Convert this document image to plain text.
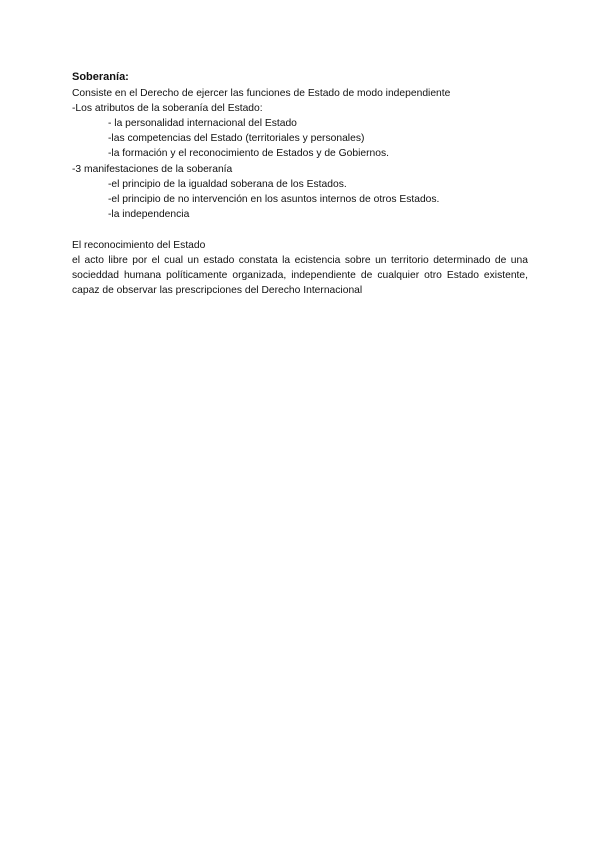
Soberanía:
Consiste en el Derecho de ejercer las funciones de Estado de modo independiente
-Los atributos de la soberanía del Estado:
- la personalidad internacional del Estado
-las competencias del Estado (territoriales y personales)
-la formación y el reconocimiento de Estados y de Gobiernos.
-3 manifestaciones de la soberanía
-el principio de la igualdad soberana de los Estados.
-el principio de no intervención en los asuntos internos de otros Estados.
-la independencia
El reconocimiento del Estado
el acto libre por el cual un estado constata la ecistencia sobre un territorio determinado de una socieddad humana políticamente organizada, independiente de cualquier otro Estado existente, capaz de observar las prescripciones del Derecho Internacional
